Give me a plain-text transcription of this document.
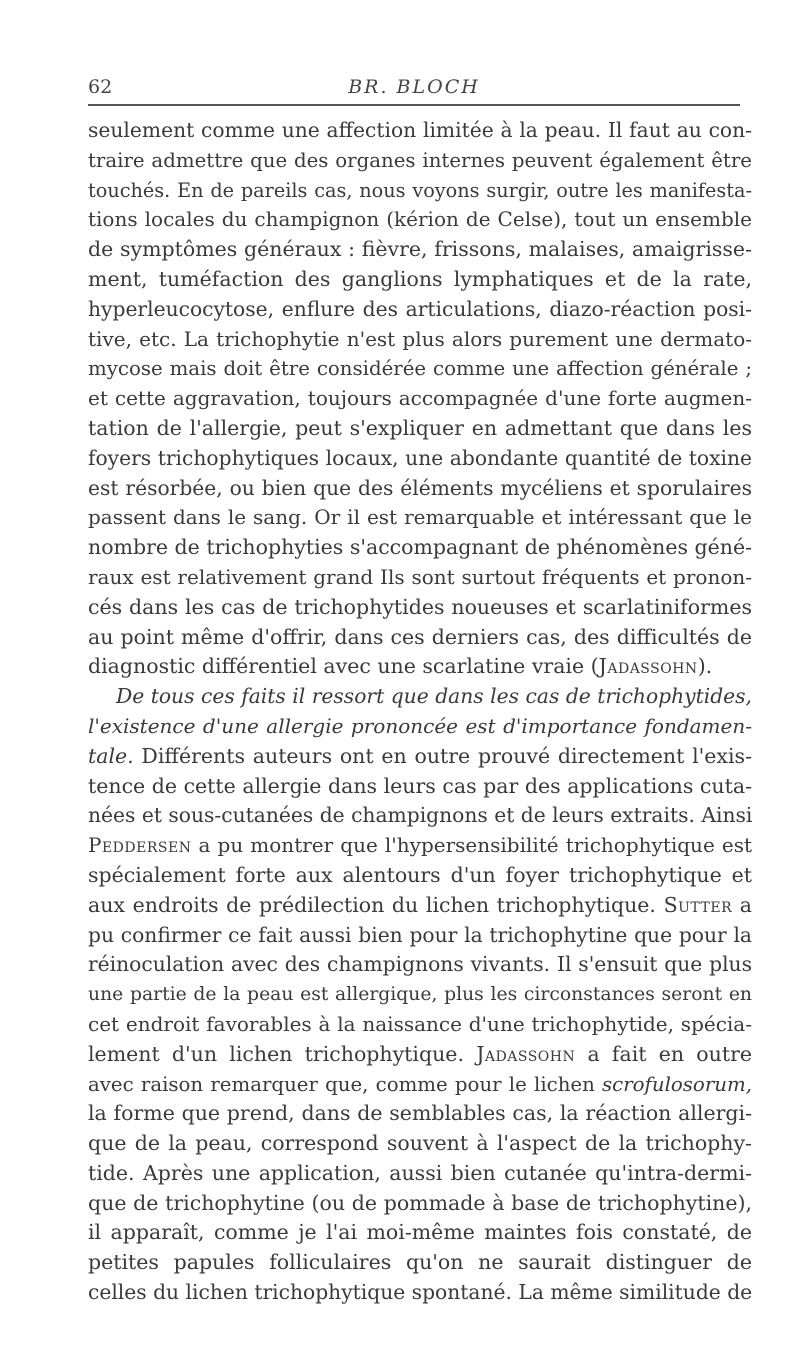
62	BR. BLOCH
seulement comme une affection limitée à la peau. Il faut au con-
traire admettre que des organes internes peuvent également être
touchés. En de pareils cas, nous voyons surgir, outre les manifesta-
tions locales du champignon (kérion de Celse), tout un ensemble
de symptômes généraux : fièvre, frissons, malaises, amaigrisse-
ment, tuméfaction des ganglions lymphatiques et de la rate,
hyperleucocytose, enflure des articulations, diazo-réaction posi-
tive, etc. La trichophytie n'est plus alors purement une dermato-
mycose mais doit être considérée comme une affection générale ;
et cette aggravation, toujours accompagnée d'une forte augmen-
tation de l'allergie, peut s'expliquer en admettant que dans les
foyers trichophytiques locaux, une abondante quantité de toxine
est résorbée, ou bien que des éléments mycéliens et sporulaires
passent dans le sang. Or il est remarquable et intéressant que le
nombre de trichophyties s'accompagnant de phénomènes géné-
raux est relativement grand Ils sont surtout fréquents et pronon-
cés dans les cas de trichophytides noueuses et scarlatiniformes
au point même d'offrir, dans ces derniers cas, des difficultés de
diagnostic différentiel avec une scarlatine vraie (Jadassohn).
De tous ces faits il ressort que dans les cas de trichophytides,
l'existence d'une allergie prononcée est d'importance fondamen-
tale. Différents auteurs ont en outre prouvé directement l'exis-
tence de cette allergie dans leurs cas par des applications cuta-
nées et sous-cutanées de champignons et de leurs extraits. Ainsi
Peddersen a pu montrer que l'hypersensibilité trichophytique est
spécialement forte aux alentours d'un foyer trichophytique et
aux endroits de prédilection du lichen trichophytique. Sutter a
pu confirmer ce fait aussi bien pour la trichophytine que pour la
réinoculation avec des champignons vivants. Il s'ensuit que plus
une partie de la peau est allergique, plus les circonstances seront en
cet endroit favorables à la naissance d'une trichophytide, spécia-
lement d'un lichen trichophytique. Jadassohn a fait en outre
avec raison remarquer que, comme pour le lichen scrofulosorum,
la forme que prend, dans de semblables cas, la réaction allergi-
que de la peau, correspond souvent à l'aspect de la trichophy-
tide. Après une application, aussi bien cutanée qu'intra-dermi-
que de trichophytine (ou de pommade à base de trichophytine),
il apparaît, comme je l'ai moi-même maintes fois constaté, de
petites papules folliculaires qu'on ne saurait distinguer de
celles du lichen trichophytique spontané. La même similitude de
